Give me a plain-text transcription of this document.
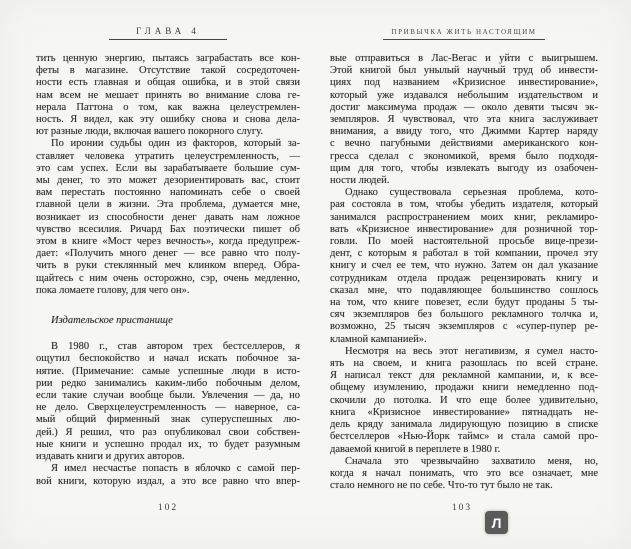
ГЛАВА 4	ПРИВЫЧКА ЖИТЬ НАСТОЯЩИМ
тить ценную энергию, пытаясь заграбастать все кон-
феты в магазине. Отсутствие такой сосредоточен-
ности есть главная и общая ошибка, и в этой связи
нам всем не мешает принять во внимание слова ге-
нерала Паттона о том, как важна целеустремлен-
ность. Я видел, как эту ошибку снова и снова дела-
ют разные люди, включая вашего покорного слугу.
По иронии судьбы один из факторов, который за-
ставляет человека утратить целеустремленность, —
это сам успех. Если вы зарабатываете большие сум-
мы денег, то это может дезориентировать вас, стоит
вам перестать постоянно напоминать себе о своей
главной цели в жизни. Эта проблема, думается мне,
возникает из способности денег давать нам ложное
чувство всесилия. Ричард Бах поэтически пишет об
этом в книге «Мост через вечность», когда предупреж-
дает: «Получить много денег — все равно что полу-
чить в руки стеклянный меч клинком вперед. Обра-
щайтесь с ним очень осторожно, сэр, очень медленно,
пока ломаете голову, для чего он».
Издательское пристанище
В 1980 г., став автором трех бестселлеров, я
ощутил беспокойство и начал искать побочное за-
нятие. (Примечание: самые успешные люди в исто-
рии редко занимались каким-либо побочным делом,
если такие случаи вообще были. Увлечения — да, но
не дело. Сверхцелеустремленность — наверное, са-
мый общий фирменный знак суперуспешных лю-
дей.) Я решил, что раз опубликовал свои собствен-
ные книги и успешно продал их, то будет разумным
издавать книги и других авторов.
Я имел несчастье попасть в яблочко с самой пер-
вой книги, которую издал, а это все равно что впер-
вые отправиться в Лас-Вегас и уйти с выигрышем.
Этой книгой был унылый научный труд об инвести-
циях под названием «Кризисное инвестирование»,
который уже издавался небольшим издательством и
достиг максимума продаж — около девяти тысяч эк-
земпляров. Я чувствовал, что эта книга заслуживает
внимания, а ввиду того, что Джимми Картер наряду
с вечно пагубными действиями американского кон-
гресса сделал с экономикой, время было подходя-
щим для того, чтобы извлекать выгоду из озабочен-
ности людей.
Однако существовала серьезная проблема, кото-
рая состояла в том, чтобы убедить издателя, который
занимался распространением моих книг, рекламиро-
вать «Кризисное инвестирование» для розничной тор-
говли. По моей настоятельной просьбе вице-прези-
дент, с которым я работал в той компании, прочел эту
книгу и счел ее тем, что нужно. Затем он дал указание
сотрудникам отдела продаж рецензировать книгу и
сказал мне, что подавляющее большинство сошлось
на том, что книге повезет, если будут проданы 5 ты-
сяч экземпляров без большого рекламного толчка и,
возможно, 25 тысяч экземпляров с «супер-пупер ре-
кламной кампанией».
Несмотря на весь этот негативизм, я сумел насто-
ять на своем, и книга разошлась по всей стране.
Я написал текст для рекламной кампании, и, к все-
общему изумлению, продажи книги немедленно под-
скочили до потолка. И что еще более удивительно,
книга «Кризисное инвестирование» пятнадцать не-
дель кряду занимала лидирующую позицию в списке
бестселлеров «Нью-Йорк таймс» и стала самой про-
даваемой книгой в переплете в 1980 г.
Сначала это чрезвычайно захватило меня, но,
когда я начал понимать, что это все означает, мне
стало немного не по себе. Что-то тут было не так.
102	103
Л
